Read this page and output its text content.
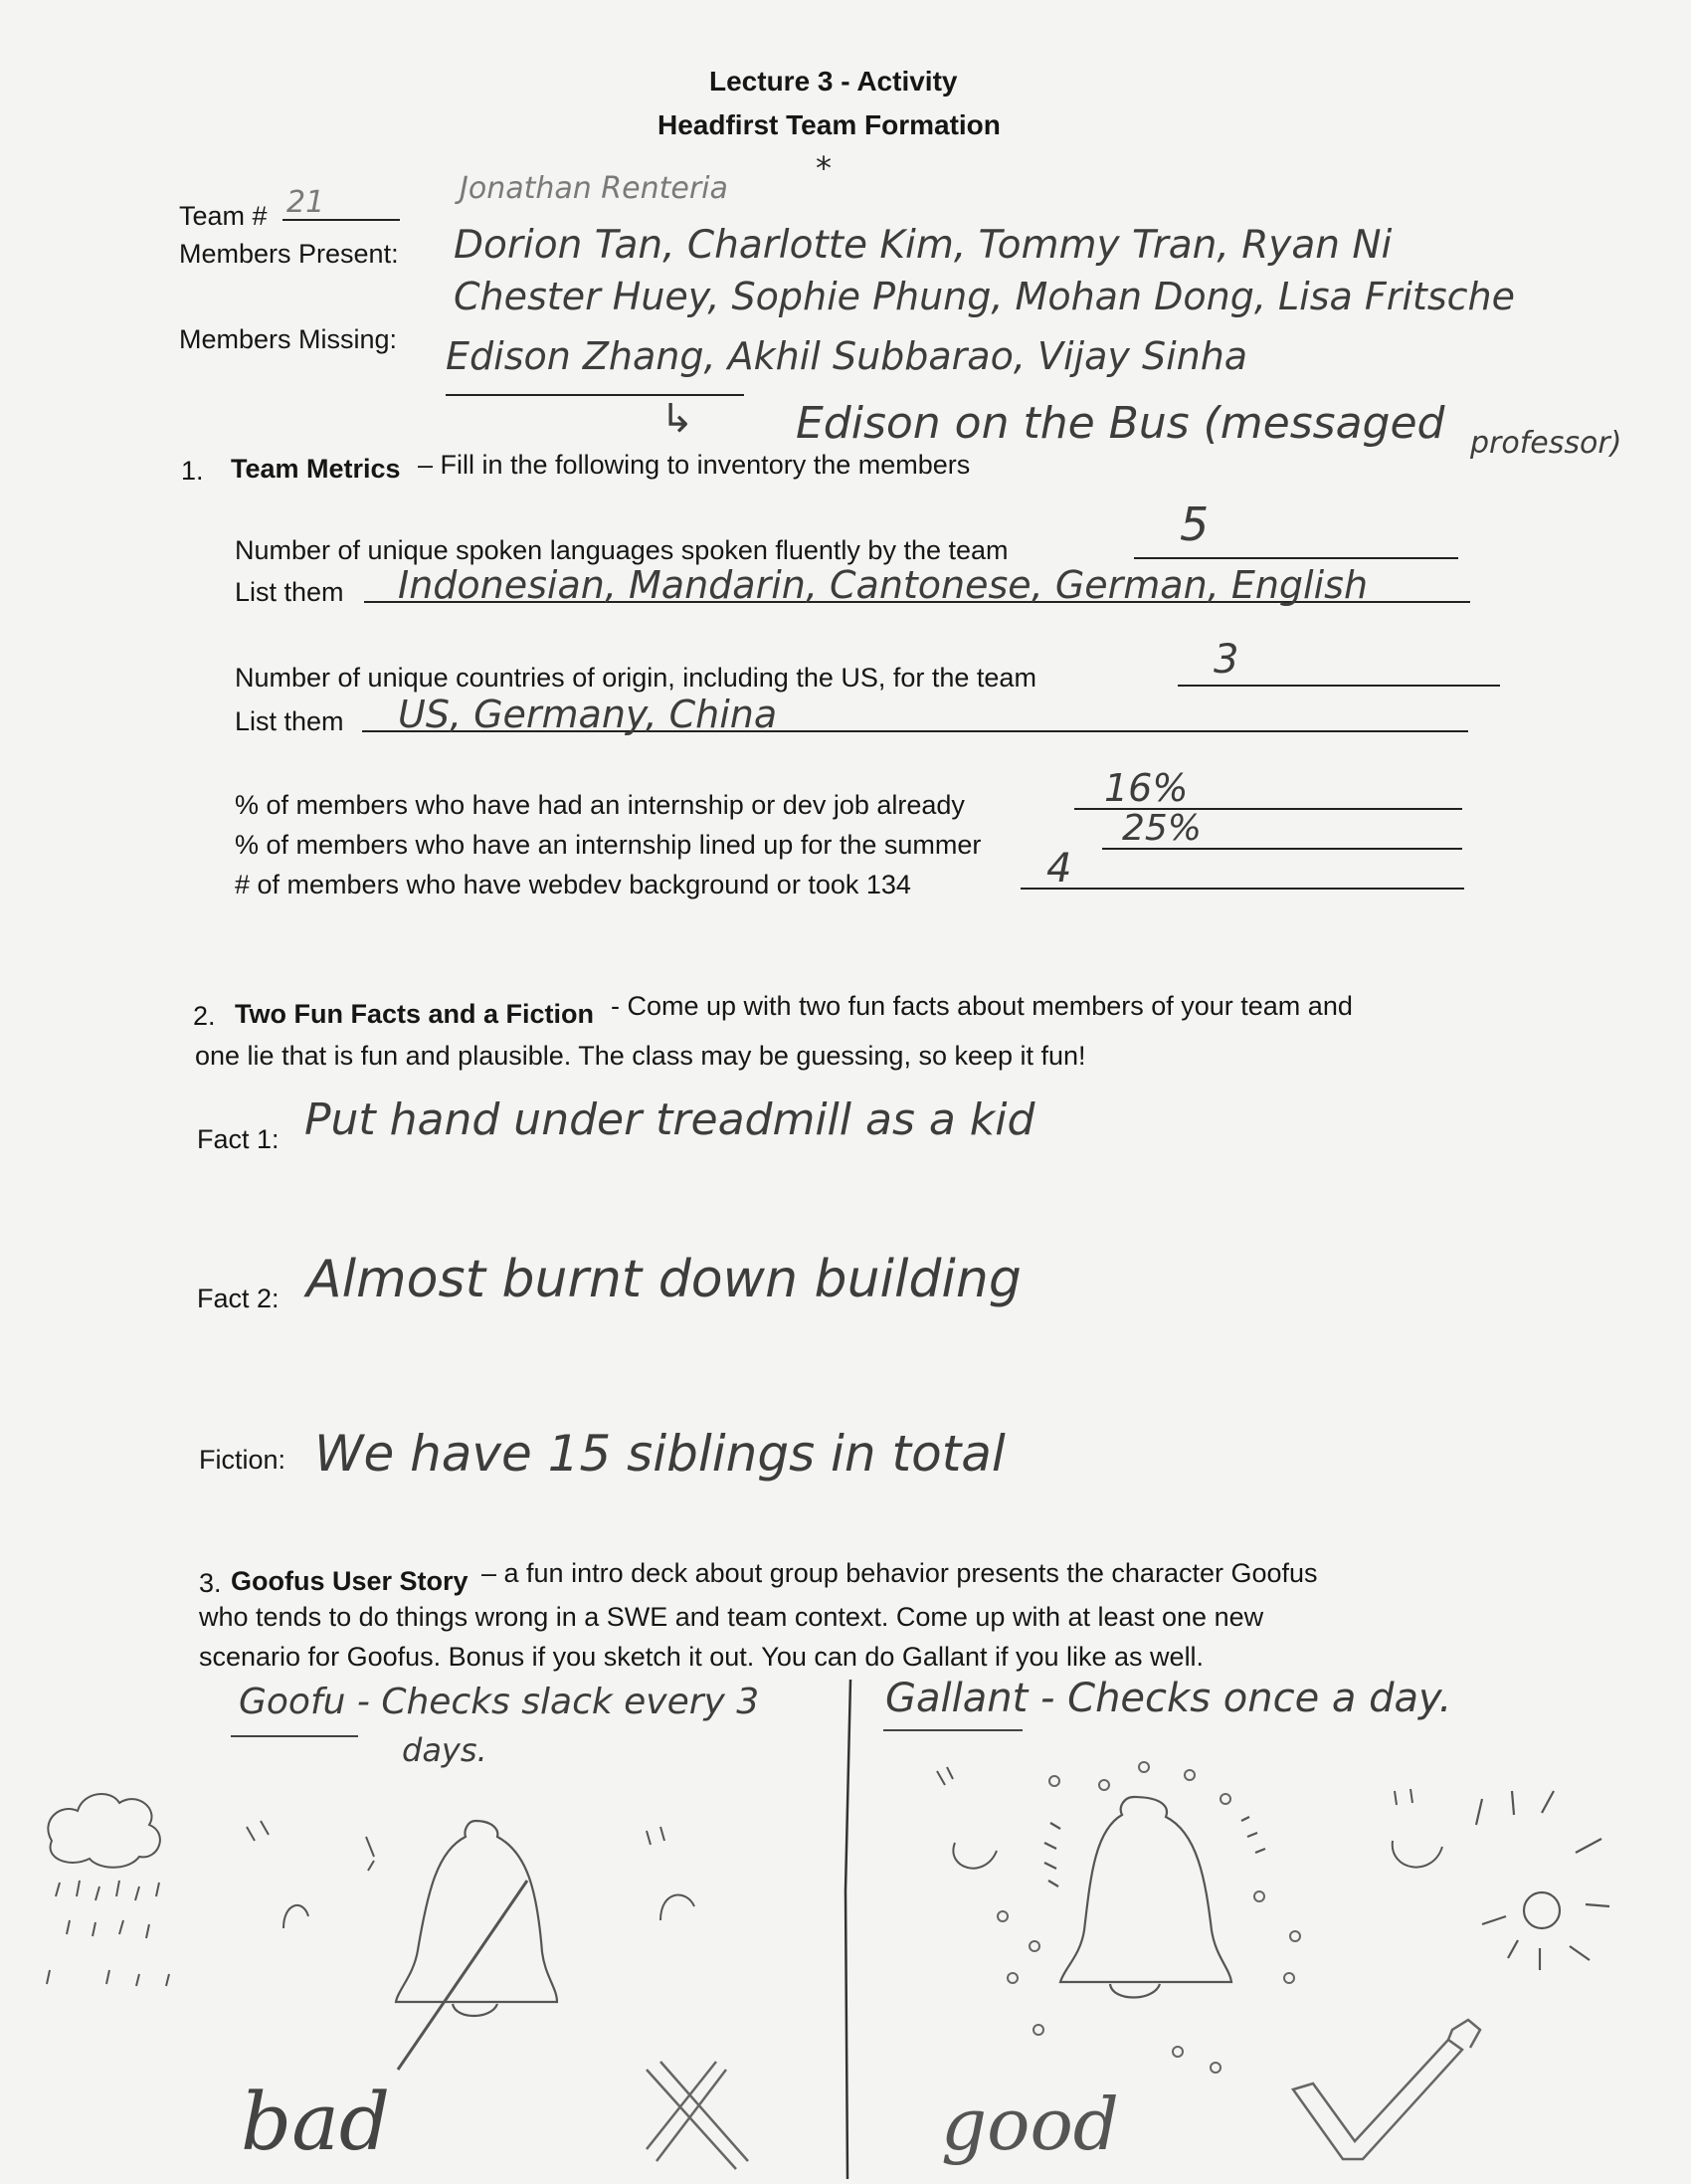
Lecture 3 - Activity
Headfirst Team Formation
Team # 21	Jonathan Renteria
*
Members Present: Dorion Tan, Charlotte Kim, Tommy Tran, Ryan Ni
Chester Huey, Sophie Phung, Mohan Dong, Lisa Fritsche
Members Missing: Edison Zhang, Akhil Subbarao, Vijay Sinha
↳ Edison on the Bus (messaged professor)
1. Team Metrics – Fill in the following to inventory the members
Number of unique spoken languages spoken fluently by the team	5
List them Indonesian, Mandarin, Cantonese, German, English
Number of unique countries of origin, including the US, for the team	3
List them US, Germany, China
% of members who have had an internship or dev job already	16%
% of members who have an internship lined up for the summer	25%
# of members who have webdev background or took 134	4
2. Two Fun Facts and a Fiction - Come up with two fun facts about members of your team and
one lie that is fun and plausible. The class may be guessing, so keep it fun!
Fact 1: Put hand under treadmill as a kid
Fact 2: Almost burnt down building
Fiction: We have 15 siblings in total
3. Goofus User Story – a fun intro deck about group behavior presents the character Goofus
who tends to do things wrong in a SWE and team context. Come up with at least one new
scenario for Goofus. Bonus if you sketch it out. You can do Gallant if you like as well.
Goofu - Checks slack every 3
days.
Gallant - Checks once a day.
bad	good
